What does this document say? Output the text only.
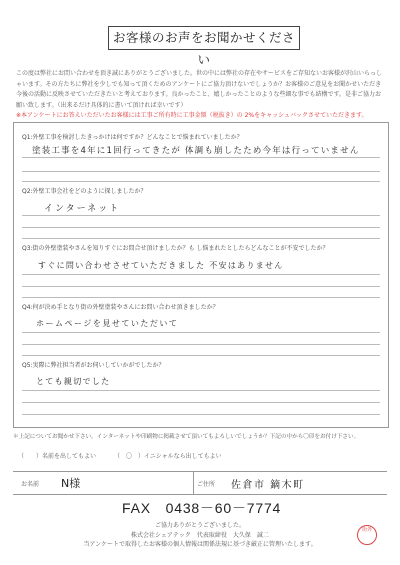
お客様のお声をお聞かせください

この度は弊社にお問い合わせを頂き誠にありがとうございました。世の中には弊社の存在やサービスをご存知ないお客様が沢山いらっしゃいます。その方たちに弊社を少しでも知って頂くためのアンケートにご協力頂けないでしょうか？お客様のご意見をお聞かせいただき今後の活動に反映させていただきたいと考えております。良かったこと、嬉しかったことのような些細な事でも結構です。是非ご協力お願い致します。（出来るだけ具体的に書いて頂ければ幸いです）
※本アンケートにお答えいただいたお客様には工事ご所有時に工事金額（税抜き）の 2%をキャッシュバックさせていただきます。

Q1:外壁工事を検討したきっかけは何ですか？どんなことで悩まれていましたか？
塗装工事を4年に1回行ってきたが 体調も崩したため今年は行っていません
Q2:外壁工事会社をどのように探しましたか？
インターネット
Q3:街の外壁塗装やさんを知りすぐにお問合せ頂けましたか？も し悩まれたとしたらどんなことが不安でしたか？
すぐに問い合わせさせていただきました 不安はありません
Q4:何が決め手となり街の外壁塗装やさんにお問い合わせ頂きましたか？
ホームページを見せていただいて
Q5:実際に弊社担当者がお伺いしていかがでしたか？
とても親切でした
＊上記についてお聞かせ下さい。インターネットや印刷物に掲載させて頂いてもよろしいでしょうか？下記の中から〇印をお付け下さい。
（　　）名前を出してもよい	（　〇　）イニシャルなら出してもよい
お名前 N様	ご住所 佐倉市 鏑木町
FAX　0438－60－7774
ご協力ありがとうございました。
株式会社シェアテック　代表取締役　大久保　誠二
当アンケートで取得したお客様の個人情報は関係法規に基づき厳正に管理いたします。
街外
